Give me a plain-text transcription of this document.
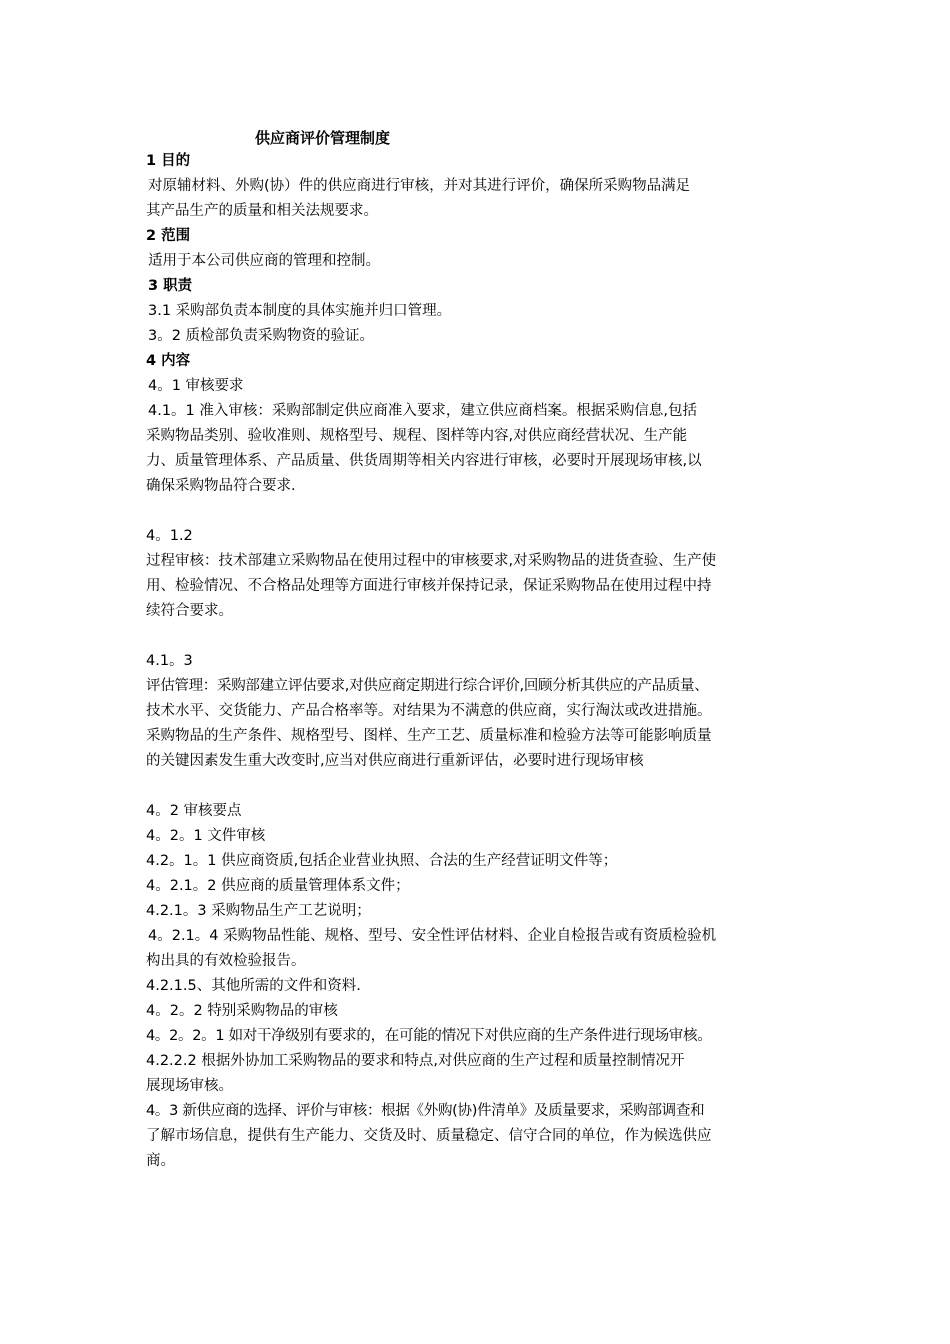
供应商评价管理制度
1 目的
对原辅材料、外购(协）件的供应商进行审核，并对其进行评价，确保所采购物品满足
其产品生产的质量和相关法规要求。
2 范围
适用于本公司供应商的管理和控制。
3 职责
3.1 采购部负责本制度的具体实施并归口管理。
3。2 质检部负责采购物资的验证。
4 内容
4。1 审核要求
4.1。1 准入审核：采购部制定供应商准入要求，建立供应商档案。根据采购信息,包括
采购物品类别、验收准则、规格型号、规程、图样等内容,对供应商经营状况、生产能
力、质量管理体系、产品质量、供货周期等相关内容进行审核，必要时开展现场审核,以
确保采购物品符合要求.
4。1.2
过程审核：技术部建立采购物品在使用过程中的审核要求,对采购物品的进货查验、生产使
用、检验情况、不合格品处理等方面进行审核并保持记录，保证采购物品在使用过程中持
续符合要求。
4.1。3
评估管理：采购部建立评估要求,对供应商定期进行综合评价,回顾分析其供应的产品质量、
技术水平、交货能力、产品合格率等。对结果为不满意的供应商，实行淘汰或改进措施。
采购物品的生产条件、规格型号、图样、生产工艺、质量标准和检验方法等可能影响质量
的关键因素发生重大改变时,应当对供应商进行重新评估，必要时进行现场审核
4。2 审核要点
4。2。1 文件审核
4.2。1。1 供应商资质,包括企业营业执照、合法的生产经营证明文件等；
4。2.1。2 供应商的质量管理体系文件；
4.2.1。3 采购物品生产工艺说明；
4。2.1。4 采购物品性能、规格、型号、安全性评估材料、企业自检报告或有资质检验机
构出具的有效检验报告。
4.2.1.5、其他所需的文件和资料.
4。2。2 特别采购物品的审核
4。2。2。1 如对干净级别有要求的，在可能的情况下对供应商的生产条件进行现场审核。
4.2.2.2 根据外协加工采购物品的要求和特点,对供应商的生产过程和质量控制情况开
展现场审核。
4。3 新供应商的选择、评价与审核：根据《外购(协)件清单》及质量要求，采购部调查和
了解市场信息，提供有生产能力、交货及时、质量稳定、信守合同的单位，作为候选供应
商。
